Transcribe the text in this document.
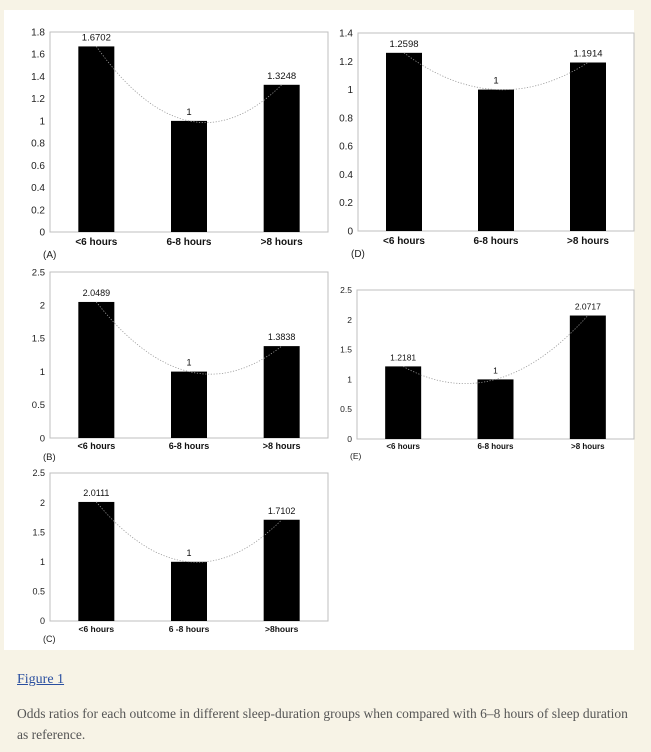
0
0.2
0.4
0.6
0.8
1
1.2
1.4
1.6
1.8	1.6702
1
1.3248
<6 hours	6-8 hours	>8 hours
(A)
0
0.2
0.4
0.6
0.8
1
1.2
1.4
1.2598
1
1.1914
<6 hours	6-8 hours	>8 hours
(D)
0
0.5
1
1.5
2
2.5
2.0489
1
1.3838
<6 hours	6-8 hours	>8 hours
(B)
0
0.5
1
1.5
2
2.5
1.2181
1
2.0717
<6 hours	6-8 hours	>8 hours
(E)
0
0.5
1
1.5
2
2.5
2.0111
1
1.7102
<6 hours	6 -8 hours	>8hours
(C)
Figure 1
Odds ratios for each outcome in different sleep-duration groups when compared with 6–8 hours of sleep duration as reference.
